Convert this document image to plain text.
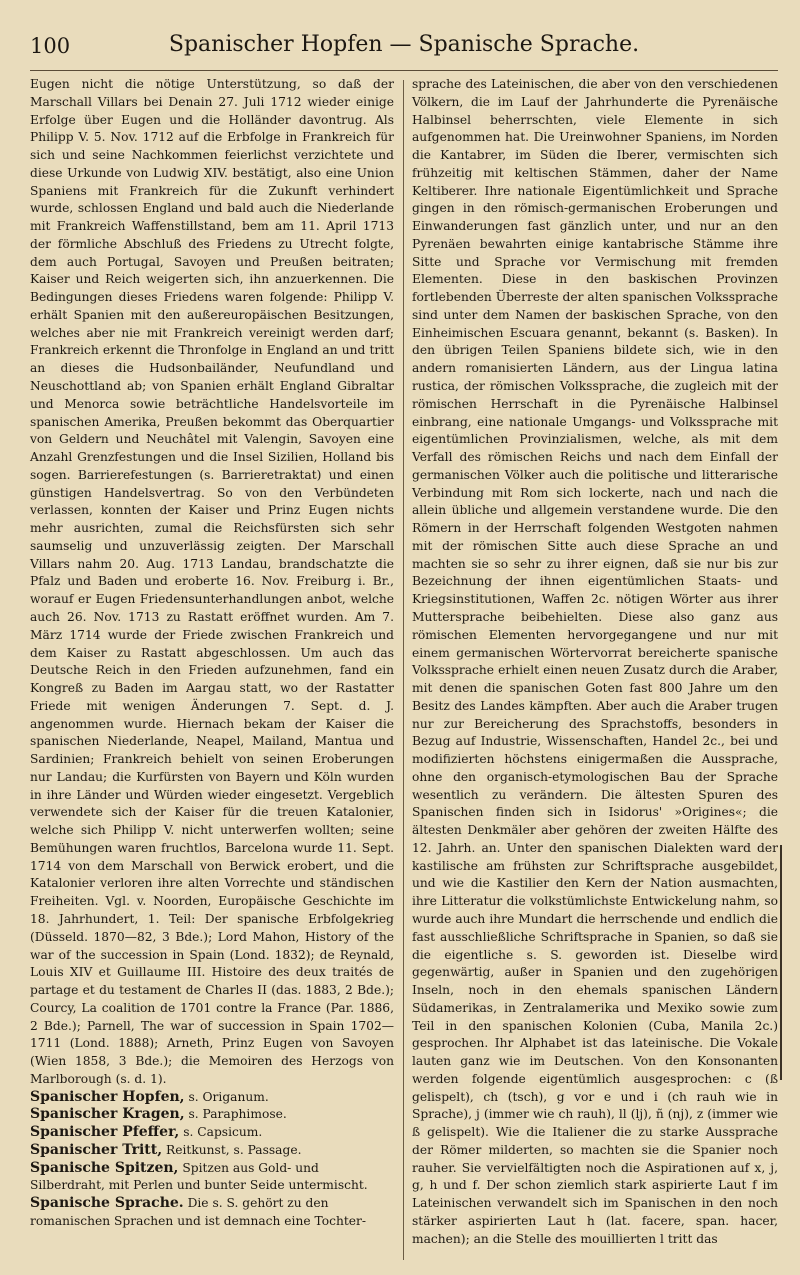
100	Spanischer Hopfen — Spanische Sprache.

Eugen nicht die nötige Unterstützung, so daß der Marschall Villars bei Denain 27. Juli 1712 wieder einige Erfolge über Eugen und die Holländer davontrug. Als Philipp V. 5. Nov. 1712 auf die Erbfolge in Frankreich für sich und seine Nachkommen feierlichst verzichtete und diese Urkunde von Ludwig XIV. bestätigt, also eine Union Spaniens mit Frankreich für die Zukunft verhindert wurde, schlossen England und bald auch die Niederlande mit Frankreich Waffenstillstand, bem am 11. April 1713 der förmliche Abschluß des Friedens zu Utrecht folgte, dem auch Portugal, Savoyen und Preußen beitraten; Kaiser und Reich weigerten sich, ihn anzuerkennen. Die Bedingungen dieses Friedens waren folgende: Philipp V. erhält Spanien mit den außereuropäischen Besitzungen, welches aber nie mit Frankreich vereinigt werden darf; Frankreich erkennt die Thronfolge in England an und tritt an dieses die Hudsonbailänder, Neufundland und Neuschottland ab; von Spanien erhält England Gibraltar und Menorca sowie beträchtliche Handelsvorteile im spanischen Amerika, Preußen bekommt das Oberquartier von Geldern und Neuchâtel mit Valengin, Savoyen eine Anzahl Grenzfestungen und die Insel Sizilien, Holland bis sogen. Barrierefestungen (s. Barrieretraktat) und einen günstigen Handelsvertrag. So von den Verbündeten verlassen, konnten der Kaiser und Prinz Eugen nichts mehr ausrichten, zumal die Reichsfürsten sich sehr saumselig und unzuverlässig zeigten. Der Marschall Villars nahm 20. Aug. 1713 Landau, brandschatzte die Pfalz und Baden und eroberte 16. Nov. Freiburg i. Br., worauf er Eugen Friedensunterhandlungen anbot, welche auch 26. Nov. 1713 zu Rastatt eröffnet wurden. Am 7. März 1714 wurde der Friede zwischen Frankreich und dem Kaiser zu Rastatt abgeschlossen. Um auch das Deutsche Reich in den Frieden aufzunehmen, fand ein Kongreß zu Baden im Aargau statt, wo der Rastatter Friede mit wenigen Änderungen 7. Sept. d. J. angenommen wurde. Hiernach bekam der Kaiser die spanischen Niederlande, Neapel, Mailand, Mantua und Sardinien; Frankreich behielt von seinen Eroberungen nur Landau; die Kurfürsten von Bayern und Köln wurden in ihre Länder und Würden wieder eingesetzt. Vergeblich verwendete sich der Kaiser für die treuen Katalonier, welche sich Philipp V. nicht unterwerfen wollten; seine Bemühungen waren fruchtlos, Barcelona wurde 11. Sept. 1714 von dem Marschall von Berwick erobert, und die Katalonier verloren ihre alten Vorrechte und ständischen Freiheiten. Vgl. v. Noorden, Europäische Geschichte im 18. Jahrhundert, 1. Teil: Der spanische Erbfolgekrieg (Düsseld. 1870—82, 3 Bde.); Lord Mahon, History of the war of the succession in Spain (Lond. 1832); de Reynald, Louis XIV et Guillaume III. Histoire des deux traités de partage et du testament de Charles II (das. 1883, 2 Bde.); Courcy, La coalition de 1701 contre la France (Par. 1886, 2 Bde.); Parnell, The war of succession in Spain 1702—1711 (Lond. 1888); Arneth, Prinz Eugen von Savoyen (Wien 1858, 3 Bde.); die Memoiren des Herzogs von Marlborough (s. d. 1).

Spanischer Hopfen, s. Origanum.

Spanischer Kragen, s. Paraphimose.

Spanischer Pfeffer, s. Capsicum.

Spanischer Tritt, Reitkunst, s. Passage.

Spanische Spitzen, Spitzen aus Gold- und Silberdraht, mit Perlen und bunter Seide untermischt.

Spanische Sprache. Die s. S. gehört zu den romanischen Sprachen und ist demnach eine Tochter-

sprache des Lateinischen, die aber von den verschiedenen Völkern, die im Lauf der Jahrhunderte die Pyrenäische Halbinsel beherrschten, viele Elemente in sich aufgenommen hat. Die Ureinwohner Spaniens, im Norden die Kantabrer, im Süden die Iberer, vermischten sich frühzeitig mit keltischen Stämmen, daher der Name Keltiberer. Ihre nationale Eigentümlichkeit und Sprache gingen in den römisch-germanischen Eroberungen und Einwanderungen fast gänzlich unter, und nur an den Pyrenäen bewahrten einige kantabrische Stämme ihre Sitte und Sprache vor Vermischung mit fremden Elementen. Diese in den baskischen Provinzen fortlebenden Überreste der alten spanischen Volkssprache sind unter dem Namen der baskischen Sprache, von den Einheimischen Escuara genannt, bekannt (s. Basken). In den übrigen Teilen Spaniens bildete sich, wie in den andern romanisierten Ländern, aus der Lingua latina rustica, der römischen Volkssprache, die zugleich mit der römischen Herrschaft in die Pyrenäische Halbinsel einbrang, eine nationale Umgangs- und Volkssprache mit eigentümlichen Provinzialismen, welche, als mit dem Verfall des römischen Reichs und nach dem Einfall der germanischen Völker auch die politische und litterarische Verbindung mit Rom sich lockerte, nach und nach die allein übliche und allgemein verstandene wurde. Die den Römern in der Herrschaft folgenden Westgoten nahmen mit der römischen Sitte auch diese Sprache an und machten sie so sehr zu ihrer eignen, daß sie nur bis zur Bezeichnung der ihnen eigentümlichen Staats- und Kriegsinstitutionen, Waffen 2c. nötigen Wörter aus ihrer Muttersprache beibehielten. Diese also ganz aus römischen Elementen hervorgegangene und nur mit einem germanischen Wörtervorrat bereicherte spanische Volkssprache erhielt einen neuen Zusatz durch die Araber, mit denen die spanischen Goten fast 800 Jahre um den Besitz des Landes kämpften. Aber auch die Araber trugen nur zur Bereicherung des Sprachstoffs, besonders in Bezug auf Industrie, Wissenschaften, Handel 2c., bei und modifizierten höchstens einigermaßen die Aussprache, ohne den organisch-etymologischen Bau der Sprache wesentlich zu verändern. Die ältesten Spuren des Spanischen finden sich in Isidorus' »Origines«; die ältesten Denkmäler aber gehören der zweiten Hälfte des 12. Jahrh. an. Unter den spanischen Dialekten ward der kastilische am frühsten zur Schriftsprache ausgebildet, und wie die Kastilier den Kern der Nation ausmachten, ihre Litteratur die volkstümlichste Entwickelung nahm, so wurde auch ihre Mundart die herrschende und endlich die fast ausschließliche Schriftsprache in Spanien, so daß sie die eigentliche s. S. geworden ist. Dieselbe wird gegenwärtig, außer in Spanien und den zugehörigen Inseln, noch in den ehemals spanischen Ländern Südamerikas, in Zentralamerika und Mexiko sowie zum Teil in den spanischen Kolonien (Cuba, Manila 2c.) gesprochen. Ihr Alphabet ist das lateinische. Die Vokale lauten ganz wie im Deutschen. Von den Konsonanten werden folgende eigentümlich ausgesprochen: c (ß gelispelt), ch (tsch), g vor e und i (ch rauh wie in Sprache), j (immer wie ch rauh), ll (lj), ñ (nj), z (immer wie ß gelispelt). Wie die Italiener die zu starke Aussprache der Römer milderten, so machten sie die Spanier noch rauher. Sie vervielfältigten noch die Aspirationen auf x, j, g, h und f. Der schon ziemlich stark aspirierte Laut f im Lateinischen verwandelt sich im Spanischen in den noch stärker aspirierten Laut h (lat. facere, span. hacer, machen); an die Stelle des mouillierten l tritt das
